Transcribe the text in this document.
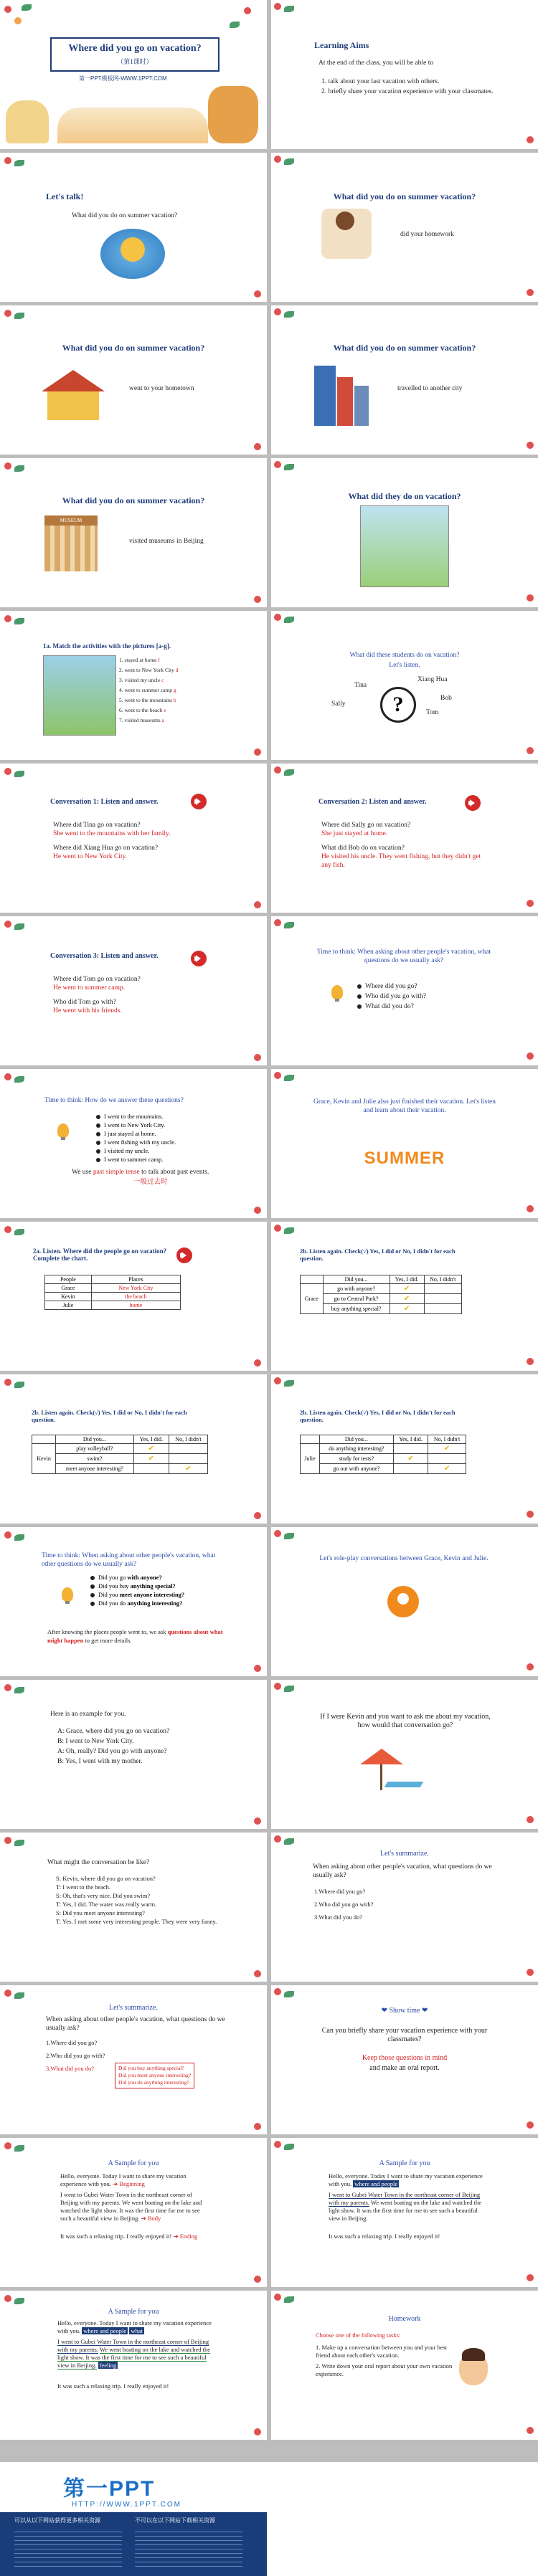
Where did you go on vacation?
（第1课时）
第一PPT模板网-WWW.1PPT.COM
Learning Aims
At the end of the class, you will be able to
1. talk about your last vacation with others.
2. briefly share your vacation experience with your classmates.
Let's talk!
What did you do on summer vacation?
What did you do on summer vacation?
did your homework
What did you do on summer vacation?
went to your hometown
What did you do on summer vacation?
travelled to another city
What did you do on summer vacation?
MUSEUM
visited museums in Beijing
What did they do on vacation?
1a. Match the activities with the pictures [a-g].
1. stayed at home f
2. went to New York City d
3. visited my uncle c
4. went to summer camp g
5. went to the mountains b
6. went to the beach e
7. visited museums a
What did these students do on vacation?
Let's listen.
?
Tina
Xiang Hua
Sally
Bob
Tom
Conversation 1: Listen and answer.
Where did Tina go on vacation?
She went to the mountains with her family.
Where did Xiang Hua go on vacation?
He went to New York City.
Conversation 2: Listen and answer.
Where did Sally go on vacation?
She just stayed at home.
What did Bob do on vacation?
He visited his uncle. They went fishing, but they didn't get any fish.
Conversation 3: Listen and answer.
Where did Tom go on vacation?
He went to summer camp.
Who did Tom go with?
He went with his friends.
Time to think: When asking about other people's vacation, what questions do we usually ask?
Where did you go?
Who did you go with?
What did you do?
Time to think: How do we answer these questions?
I went to the mountains.
I went to New York City.
I just stayed at home.
I went fishing with my uncle.
I visited my uncle.
I went to summer camp.
We use past simple tense to talk about past events.
一般过去时
Grace, Kevin and Julie also just finished their vacation. Let's listen and learn about their vacation.
SUMMER
2a. Listen. Where did the people go on vacation? Complete the chart.
People	Places
Grace	New York City
Kevin	the beach
Julie	home
2b. Listen again. Check(√) Yes, I did or No, I didn't for each question.
	Did you...	Yes, I did.	No, I didn't
Grace	go with anyone?	✔	
	go to Central Park?	✔	
	buy anything special?	✔	
2b. Listen again. Check(√) Yes, I did or No, I didn't for each question.
	Did you...	Yes, I did.	No, I didn't
Kevin	play volleyball?	✔	
	swim?	✔	
	meet anyone interesting?		✔
2b. Listen again. Check(√) Yes, I did or No, I didn't for each question.
	Did you...	Yes, I did.	No, I didn't
Julie	do anything interesting?		✔
	study for tests?	✔	
	go out with anyone?		✔
Time to think: When asking about other people's vacation, what other questions do we usually ask?
Did you go with anyone?
Did you buy anything special?
Did you meet anyone interesting?
Did you do anything interesting?
After knowing the places people went to, we ask questions about what might happen to get more details.
Let's role-play conversations between Grace, Kevin and Julie.
Here is an example for you.
A: Grace, where did you go on vacation?
B: I went to New York City.
A: Oh, really? Did you go with anyone?
B: Yes, I went with my mother.
If I were Kevin and you want to ask me about my vacation, how would that conversation go?
What might the conversation be like?
S: Kevin, where did you go on vacation?
T: I went to the beach.
S: Oh, that's very nice. Did you swim?
T: Yes, I did. The water was really warm.
S: Did you meet anyone interesting?
T: Yes. I met some very interesting people. They were very funny.
Let's summarize.
When asking about other people's vacation, what questions do we usually ask?
1.Where did you go?
2.Who did you go with?
3.What did you do?
Let's summarize.
When asking about other people's vacation, what questions do we usually ask?
1.Where did you go?
2.Who did you go with?
3.What did you do?	Did you buy anything special?
Did you meet anyone interesting?
Did you do anything interesting?
❤ Show time ❤
Can you briefly share your vacation experience with your classmates?
Keep those questions in mind
and make an oral report.
A Sample for you
Hello, everyone. Today I want to share my vacation experience with you. ➜ Beginning
I went to Gubei Water Town in the northeast corner of Beijing with my parents. We went boating on the lake and watched the light show. It was the first time for me to see such a beautiful view in Beijing. ➜ Body
It was such a relaxing trip. I really enjoyed it! ➜ Ending
A Sample for you
Hello, everyone. Today I want to share my vacation experience with you. where and people
I went to Gubei Water Town in the northeast corner of Beijing with my parents. We went boating on the lake and watched the light show. It was the first time for me to see such a beautiful view in Beijing.
It was such a relaxing trip. I really enjoyed it!
A Sample for you
Hello, everyone. Today I want to share my vacation experience with you. where and people what
I went to Gubei Water Town in the northeast corner of Beijing with my parents. We went boating on the lake and watched the light show. It was the first time for me to see such a beautiful view in Beijing. feeling
It was such a relaxing trip. I really enjoyed it!
Homework
Choose one of the following tasks:
1. Make up a conversation between you and your best friend about each other's vacation.
2. Write down your oral report about your own vacation experience.
第一PPT
HTTP://WWW.1PPT.COM
可以从以下网站获得更多相关资源	不可以在以下网站下载相关资源
